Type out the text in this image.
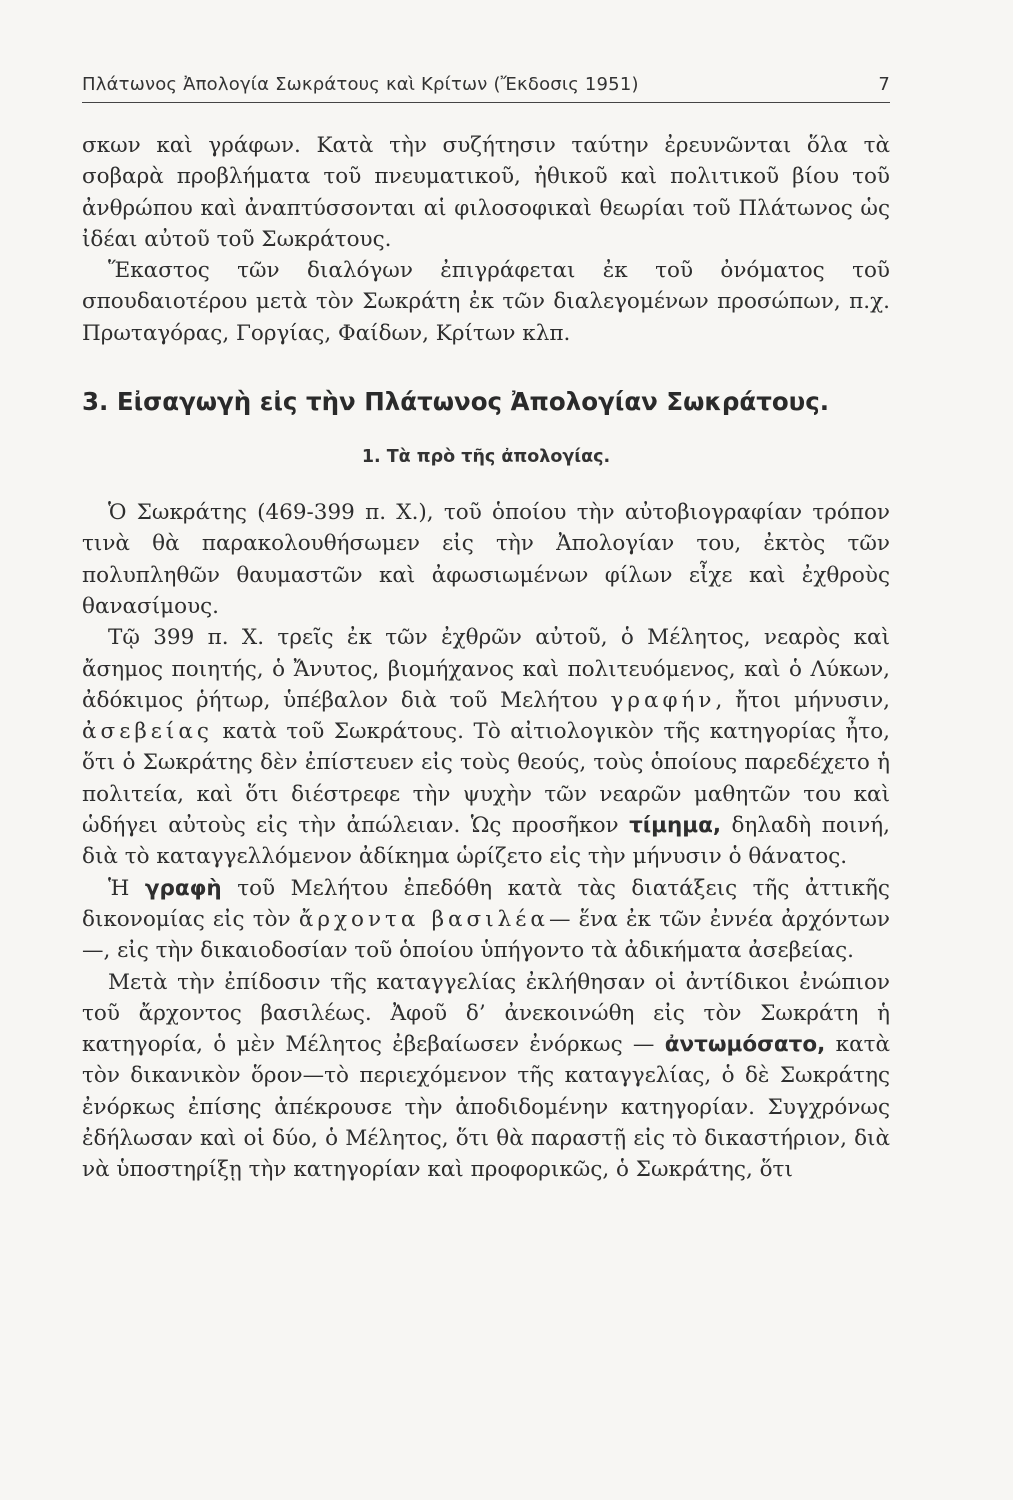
Πλάτωνος Ἀπολογία Σωκράτους καὶ Κρίτων (Ἔκδοσις 1951)	7

σκων καὶ γράφων. Κατὰ τὴν συζήτησιν ταύτην ἐρευνῶνται ὅλα τὰ σοβαρὰ προβλήματα τοῦ πνευματικοῦ, ἠθικοῦ καὶ πολιτικοῦ βίου τοῦ ἀνθρώπου καὶ ἀναπτύσσονται αἱ φιλοσοφικαὶ θεωρίαι τοῦ Πλάτωνος ὡς ἰδέαι αὐτοῦ τοῦ Σωκράτους.

Ἕκαστος τῶν διαλόγων ἐπιγράφεται ἐκ τοῦ ὀνόματος τοῦ σπουδαιοτέρου μετὰ τὸν Σωκράτη ἐκ τῶν διαλεγομένων προσώπων, π.χ. Πρωταγόρας, Γοργίας, Φαίδων, Κρίτων κλπ.

3. Εἰσαγωγὴ εἰς τὴν Πλάτωνος Ἀπολογίαν Σωκράτους.
1. Τὰ πρὸ τῆς ἀπολογίας.

Ὁ Σωκράτης (469-399 π. Χ.), τοῦ ὁποίου τὴν αὐτοβιογραφίαν τρόπον τινὰ θὰ παρακολουθήσωμεν εἰς τὴν Ἀπολογίαν του, ἐκτὸς τῶν πολυπληθῶν θαυμαστῶν καὶ ἀφωσιωμένων φίλων εἶχε καὶ ἐχθροὺς θανασίμους.

Τῷ 399 π. Χ. τρεῖς ἐκ τῶν ἐχθρῶν αὐτοῦ, ὁ Μέλητος, νεαρὸς καὶ ἄσημος ποιητής, ὁ Ἄνυτος, βιομήχανος καὶ πολιτευόμενος, καὶ ὁ Λύκων, ἀδόκιμος ῥήτωρ, ὑπέβαλον διὰ τοῦ Μελήτου γραφήν, ἤτοι μήνυσιν, ἀσεβείας κατὰ τοῦ Σωκράτους. Τὸ αἰτιολογικὸν τῆς κατηγορίας ἦτο, ὅτι ὁ Σωκράτης δὲν ἐπίστευεν εἰς τοὺς θεούς, τοὺς ὁποίους παρεδέχετο ἡ πολιτεία, καὶ ὅτι διέστρεφε τὴν ψυχὴν τῶν νεαρῶν μαθητῶν του καὶ ὡδήγει αὐτοὺς εἰς τὴν ἀπώλειαν. Ὡς προσῆκον τίμημα, δηλαδὴ ποινή, διὰ τὸ καταγγελλόμενον ἀδίκημα ὡρίζετο εἰς τὴν μήνυσιν ὁ θάνατος.

Ἡ γραφὴ τοῦ Μελήτου ἐπεδόθη κατὰ τὰς διατάξεις τῆς ἀττικῆς δικονομίας εἰς τὸν ἄρχοντα βασιλέα— ἕνα ἐκ τῶν ἐννέα ἀρχόντων—, εἰς τὴν δικαιοδοσίαν τοῦ ὁποίου ὑπήγοντο τὰ ἀδικήματα ἀσεβείας.

Μετὰ τὴν ἐπίδοσιν τῆς καταγγελίας ἐκλήθησαν οἱ ἀντίδικοι ἐνώπιον τοῦ ἄρχοντος βασιλέως. Ἀφοῦ δ’ ἀνεκοινώθη εἰς τὸν Σωκράτη ἡ κατηγορία, ὁ μὲν Μέλητος ἐβεβαίωσεν ἐνόρκως — ἀντωμόσατο, κατὰ τὸν δικανικὸν ὅρον—τὸ περιεχόμενον τῆς καταγγελίας, ὁ δὲ Σωκράτης ἐνόρκως ἐπίσης ἀπέκρουσε τὴν ἀποδιδομένην κατηγορίαν. Συγχρόνως ἐδήλωσαν καὶ οἱ δύο, ὁ Μέλητος, ὅτι θὰ παραστῇ εἰς τὸ δικαστήριον, διὰ νὰ ὑποστηρίξῃ τὴν κατηγορίαν καὶ προφορικῶς, ὁ Σωκράτης, ὅτι
